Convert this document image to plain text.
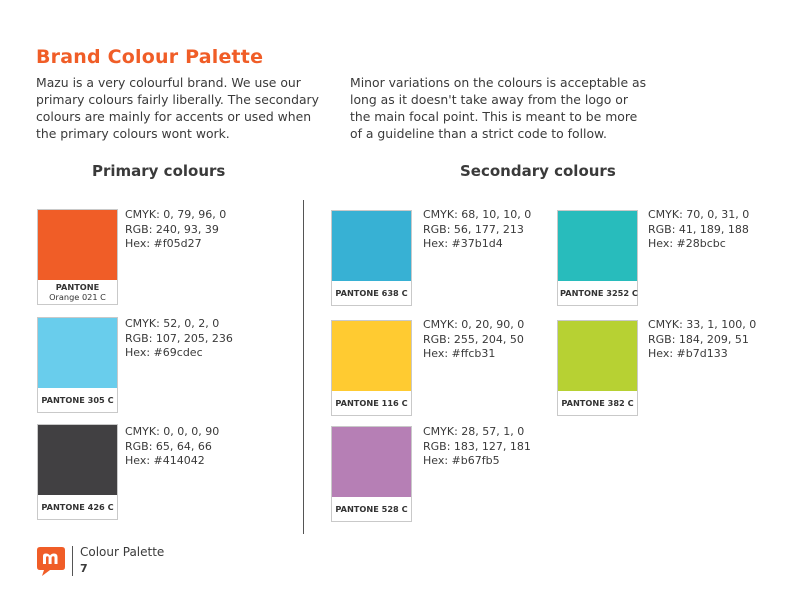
Brand Colour Palette
Mazu is a very colourful brand. We use our primary colours fairly liberally. The secondary colours are mainly for accents or used when the primary colours wont work.
Minor variations on the colours is acceptable as long as it doesn't take away from the logo or the main focal point. This is meant to be more of a guideline than a strict code to follow.
Primary colours	Secondary colours
PANTONE
Orange 021 C
CMYK: 0, 79, 96, 0
RGB: 240, 93, 39
Hex: #f05d27
PANTONE 305 C
CMYK: 52, 0, 2, 0
RGB: 107, 205, 236
Hex: #69cdec
PANTONE 426 C
CMYK: 0, 0, 0, 90
RGB: 65, 64, 66
Hex: #414042
PANTONE 638 C
CMYK: 68, 10, 10, 0
RGB: 56, 177, 213
Hex: #37b1d4
PANTONE 3252 C
CMYK: 70, 0, 31, 0
RGB: 41, 189, 188
Hex: #28bcbc
PANTONE 116 C
CMYK: 0, 20, 90, 0
RGB: 255, 204, 50
Hex: #ffcb31
PANTONE 382 C
CMYK: 33, 1, 100, 0
RGB: 184, 209, 51
Hex: #b7d133
PANTONE 528 C
CMYK: 28, 57, 1, 0
RGB: 183, 127, 181
Hex: #b67fb5
Colour Palette
7
